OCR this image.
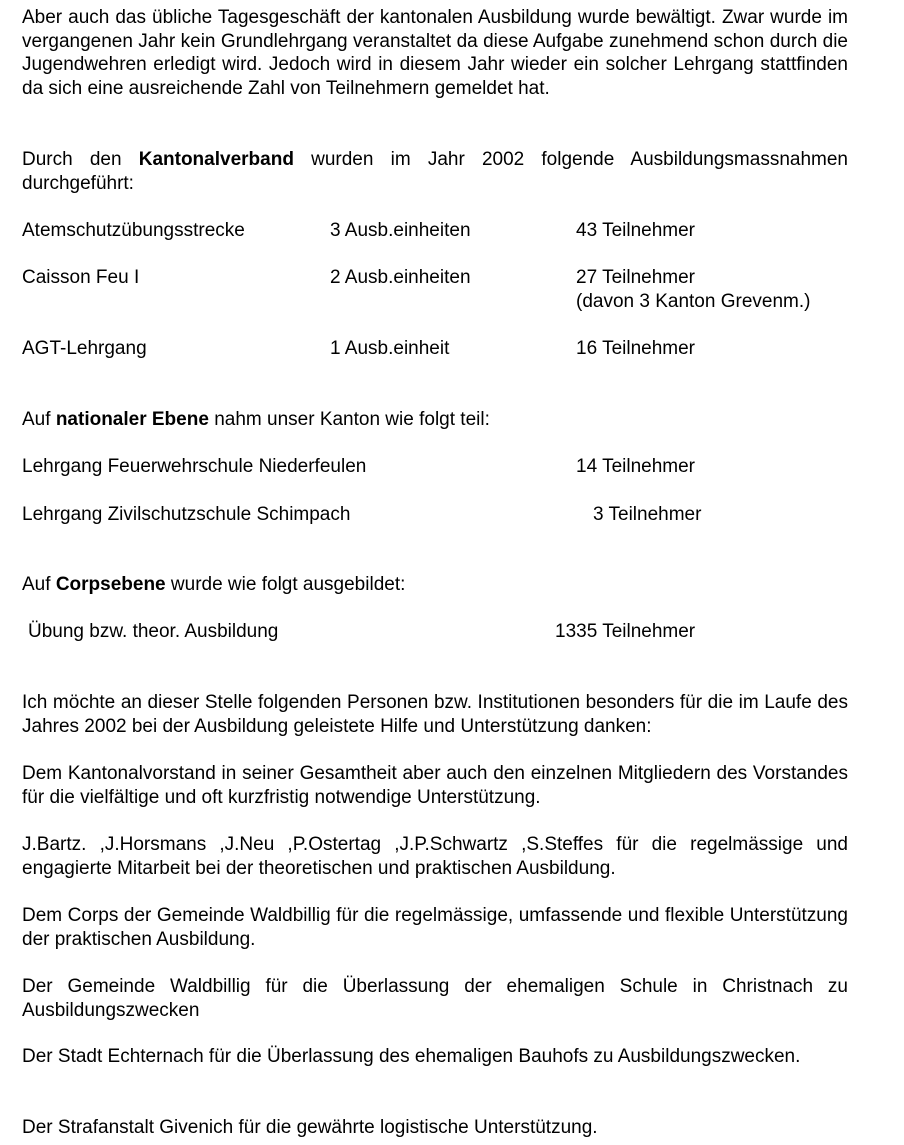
Aber auch das übliche Tagesgeschäft der kantonalen Ausbildung wurde bewältigt. Zwar wurde im vergangenen Jahr kein Grundlehrgang veranstaltet da diese Aufgabe zunehmend schon durch die Jugendwehren erledigt wird. Jedoch wird in diesem Jahr wieder ein solcher Lehrgang stattfinden da sich eine ausreichende Zahl von Teilnehmern gemeldet hat.

Durch den Kantonalverband wurden im Jahr 2002 folgende Ausbildungsmassnahmen durchgeführt:

Atemschutzübungsstrecke	3 Ausb.einheiten	43 Teilnehmer
Caisson Feu I	2 Ausb.einheiten	27 Teilnehmer
(davon 3 Kanton Grevenm.)
AGT-Lehrgang	1 Ausb.einheit	16 Teilnehmer

Auf nationaler Ebene nahm unser Kanton wie folgt teil:

Lehrgang Feuerwehrschule Niederfeulen	14 Teilnehmer
Lehrgang Zivilschutzschule Schimpach	3 Teilnehmer

Auf Corpsebene wurde wie folgt ausgebildet:

Übung bzw. theor. Ausbildung	1335 Teilnehmer

Ich möchte an dieser Stelle folgenden Personen bzw. Institutionen besonders für die im Laufe des Jahres 2002 bei der Ausbildung geleistete Hilfe und Unterstützung danken:

Dem Kantonalvorstand in seiner Gesamtheit aber auch den einzelnen Mitgliedern des Vorstandes für die vielfältige und oft kurzfristig notwendige Unterstützung.

J.Bartz. ,J.Horsmans ,J.Neu ,P.Ostertag ,J.P.Schwartz ,S.Steffes für die regelmässige und engagierte Mitarbeit bei der theoretischen und praktischen Ausbildung.

Dem Corps der Gemeinde Waldbillig für die regelmässige, umfassende und flexible Unterstützung der praktischen Ausbildung.

Der Gemeinde Waldbillig für die Überlassung der ehemaligen Schule in Christnach zu Ausbildungszwecken

Der Stadt Echternach für die Überlassung des ehemaligen Bauhofs zu Ausbildungszwecken.

Der Strafanstalt Givenich für die gewährte logistische Unterstützung.
